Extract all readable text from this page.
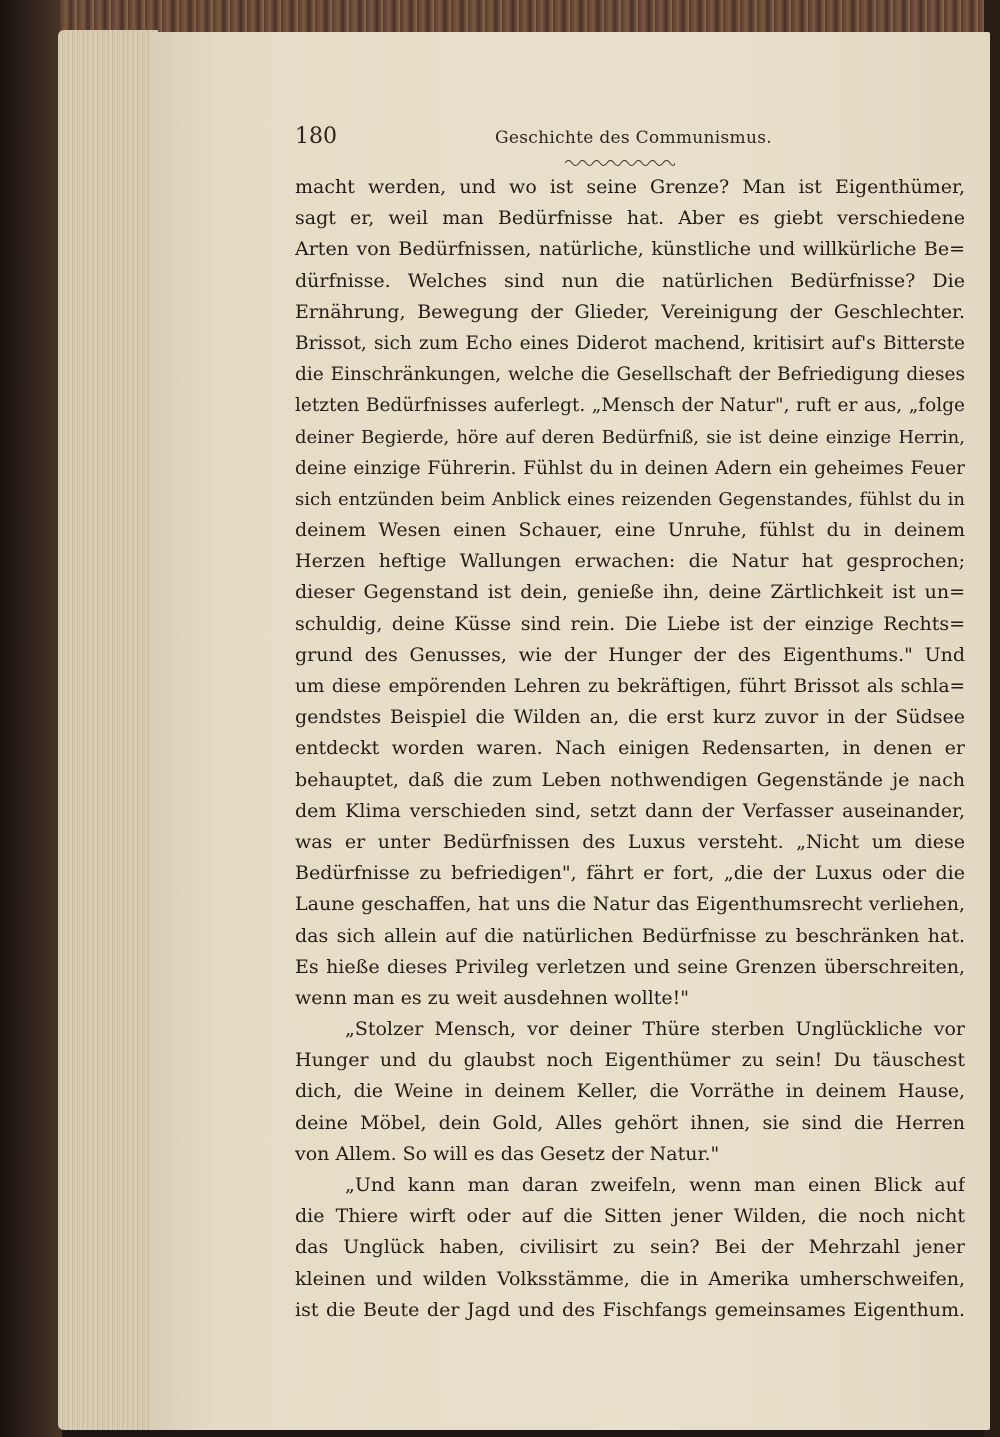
180	Geschichte des Communismus.
macht werden, und wo ist seine Grenze? Man ist Eigenthümer,
sagt er, weil man Bedürfnisse hat. Aber es giebt verschiedene
Arten von Bedürfnissen, natürliche, künstliche und willkürliche Be=
dürfnisse. Welches sind nun die natürlichen Bedürfnisse? Die
Ernährung, Bewegung der Glieder, Vereinigung der Geschlechter.
Brissot, sich zum Echo eines Diderot machend, kritisirt auf's Bitterste
die Einschränkungen, welche die Gesellschaft der Befriedigung dieses
letzten Bedürfnisses auferlegt. „Mensch der Natur", ruft er aus, „folge
deiner Begierde, höre auf deren Bedürfniß, sie ist deine einzige Herrin,
deine einzige Führerin. Fühlst du in deinen Adern ein geheimes Feuer
sich entzünden beim Anblick eines reizenden Gegenstandes, fühlst du in
deinem Wesen einen Schauer, eine Unruhe, fühlst du in deinem
Herzen heftige Wallungen erwachen: die Natur hat gesprochen;
dieser Gegenstand ist dein, genieße ihn, deine Zärtlichkeit ist un=
schuldig, deine Küsse sind rein. Die Liebe ist der einzige Rechts=
grund des Genusses, wie der Hunger der des Eigenthums." Und
um diese empörenden Lehren zu bekräftigen, führt Brissot als schla=
gendstes Beispiel die Wilden an, die erst kurz zuvor in der Südsee
entdeckt worden waren. Nach einigen Redensarten, in denen er
behauptet, daß die zum Leben nothwendigen Gegenstände je nach
dem Klima verschieden sind, setzt dann der Verfasser auseinander,
was er unter Bedürfnissen des Luxus versteht. „Nicht um diese
Bedürfnisse zu befriedigen", fährt er fort, „die der Luxus oder die
Laune geschaffen, hat uns die Natur das Eigenthumsrecht verliehen,
das sich allein auf die natürlichen Bedürfnisse zu beschränken hat.
Es hieße dieses Privileg verletzen und seine Grenzen überschreiten,
wenn man es zu weit ausdehnen wollte!"
„Stolzer Mensch, vor deiner Thüre sterben Unglückliche vor
Hunger und du glaubst noch Eigenthümer zu sein! Du täuschest
dich, die Weine in deinem Keller, die Vorräthe in deinem Hause,
deine Möbel, dein Gold, Alles gehört ihnen, sie sind die Herren
von Allem. So will es das Gesetz der Natur."
„Und kann man daran zweifeln, wenn man einen Blick auf
die Thiere wirft oder auf die Sitten jener Wilden, die noch nicht
das Unglück haben, civilisirt zu sein? Bei der Mehrzahl jener
kleinen und wilden Volksstämme, die in Amerika umherschweifen,
ist die Beute der Jagd und des Fischfangs gemeinsames Eigenthum.
